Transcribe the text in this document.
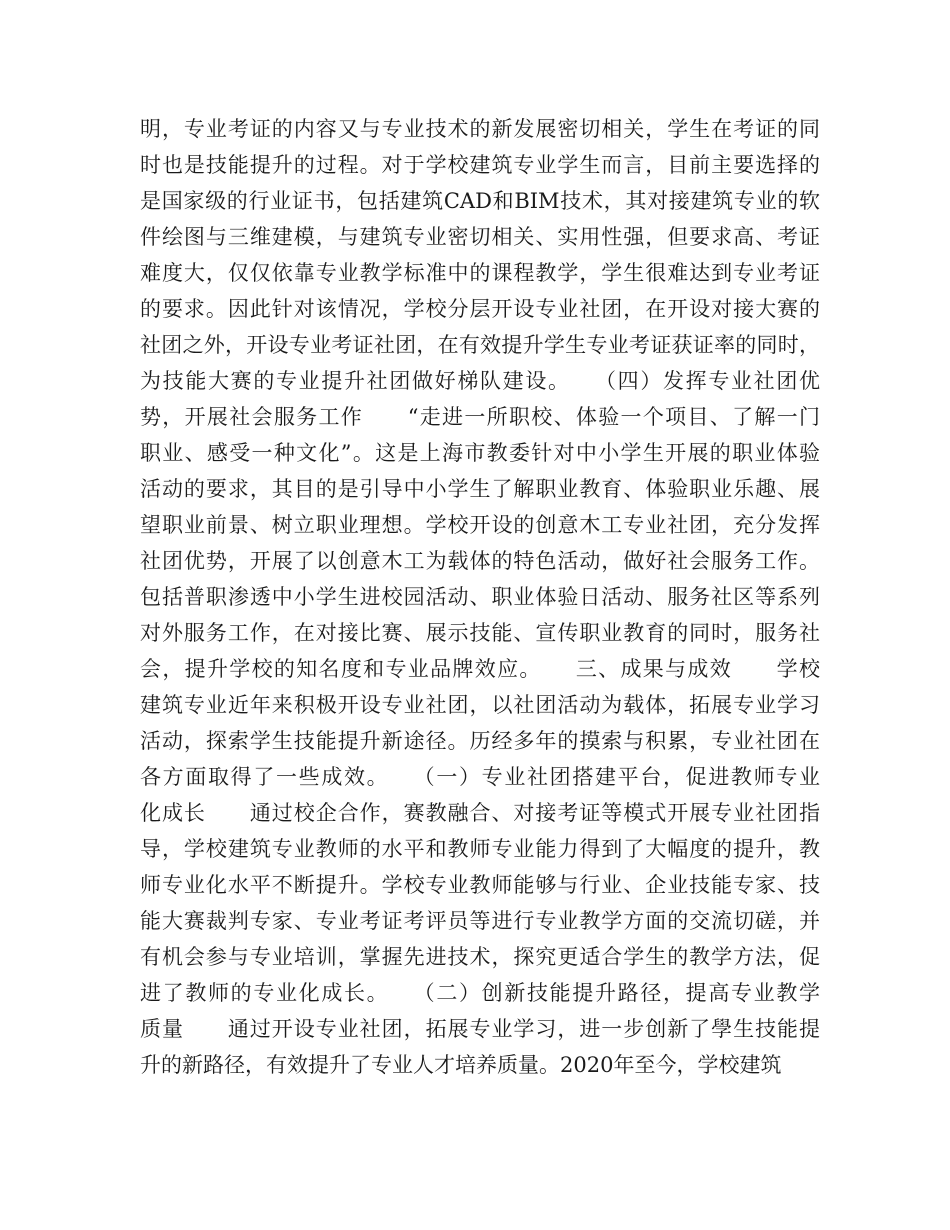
明，专业考证的内容又与专业技术的新发展密切相关，学生在考证的同
时也是技能提升的过程。对于学校建筑专业学生而言，目前主要选择的
是国家级的行业证书，包括建筑CAD和BIM技术，其对接建筑专业的软
件绘图与三维建模，与建筑专业密切相关、实用性强，但要求高、考证
难度大，仅仅依靠专业教学标准中的课程教学，学生很难达到专业考证
的要求。因此针对该情况，学校分层开设专业社团，在开设对接大赛的
社团之外，开设专业考证社团，在有效提升学生专业考证获证率的同时，
为技能大赛的专业提升社团做好梯队建设。　　（四）发挥专业社团优
势，开展社会服务工作　　“走进一所职校、体验一个项目、了解一门
职业、感受一种文化”。这是上海市教委针对中小学生开展的职业体验
活动的要求，其目的是引导中小学生了解职业教育、体验职业乐趣、展
望职业前景、树立职业理想。学校开设的创意木工专业社团，充分发挥
社团优势，开展了以创意木工为载体的特色活动，做好社会服务工作。
包括普职渗透中小学生进校园活动、职业体验日活动、服务社区等系列
对外服务工作，在对接比赛、展示技能、宣传职业教育的同时，服务社
会，提升学校的知名度和专业品牌效应。　　三、成果与成效　　学校
建筑专业近年来积极开设专业社团，以社团活动为载体，拓展专业学习
活动，探索学生技能提升新途径。历经多年的摸索与积累，专业社团在
各方面取得了一些成效。　　（一）专业社团搭建平台，促进教师专业
化成长　　通过校企合作，赛教融合、对接考证等模式开展专业社团指
导，学校建筑专业教师的水平和教师专业能力得到了大幅度的提升，教
师专业化水平不断提升。学校专业教师能够与行业、企业技能专家、技
能大赛裁判专家、专业考证考评员等进行专业教学方面的交流切磋，并
有机会参与专业培训，掌握先进技术，探究更适合学生的教学方法，促
进了教师的专业化成长。　　（二）创新技能提升路径，提高专业教学
质量　　通过开设专业社团，拓展专业学习，进一步创新了學生技能提
升的新路径，有效提升了专业人才培养质量。2020年至今，学校建筑
